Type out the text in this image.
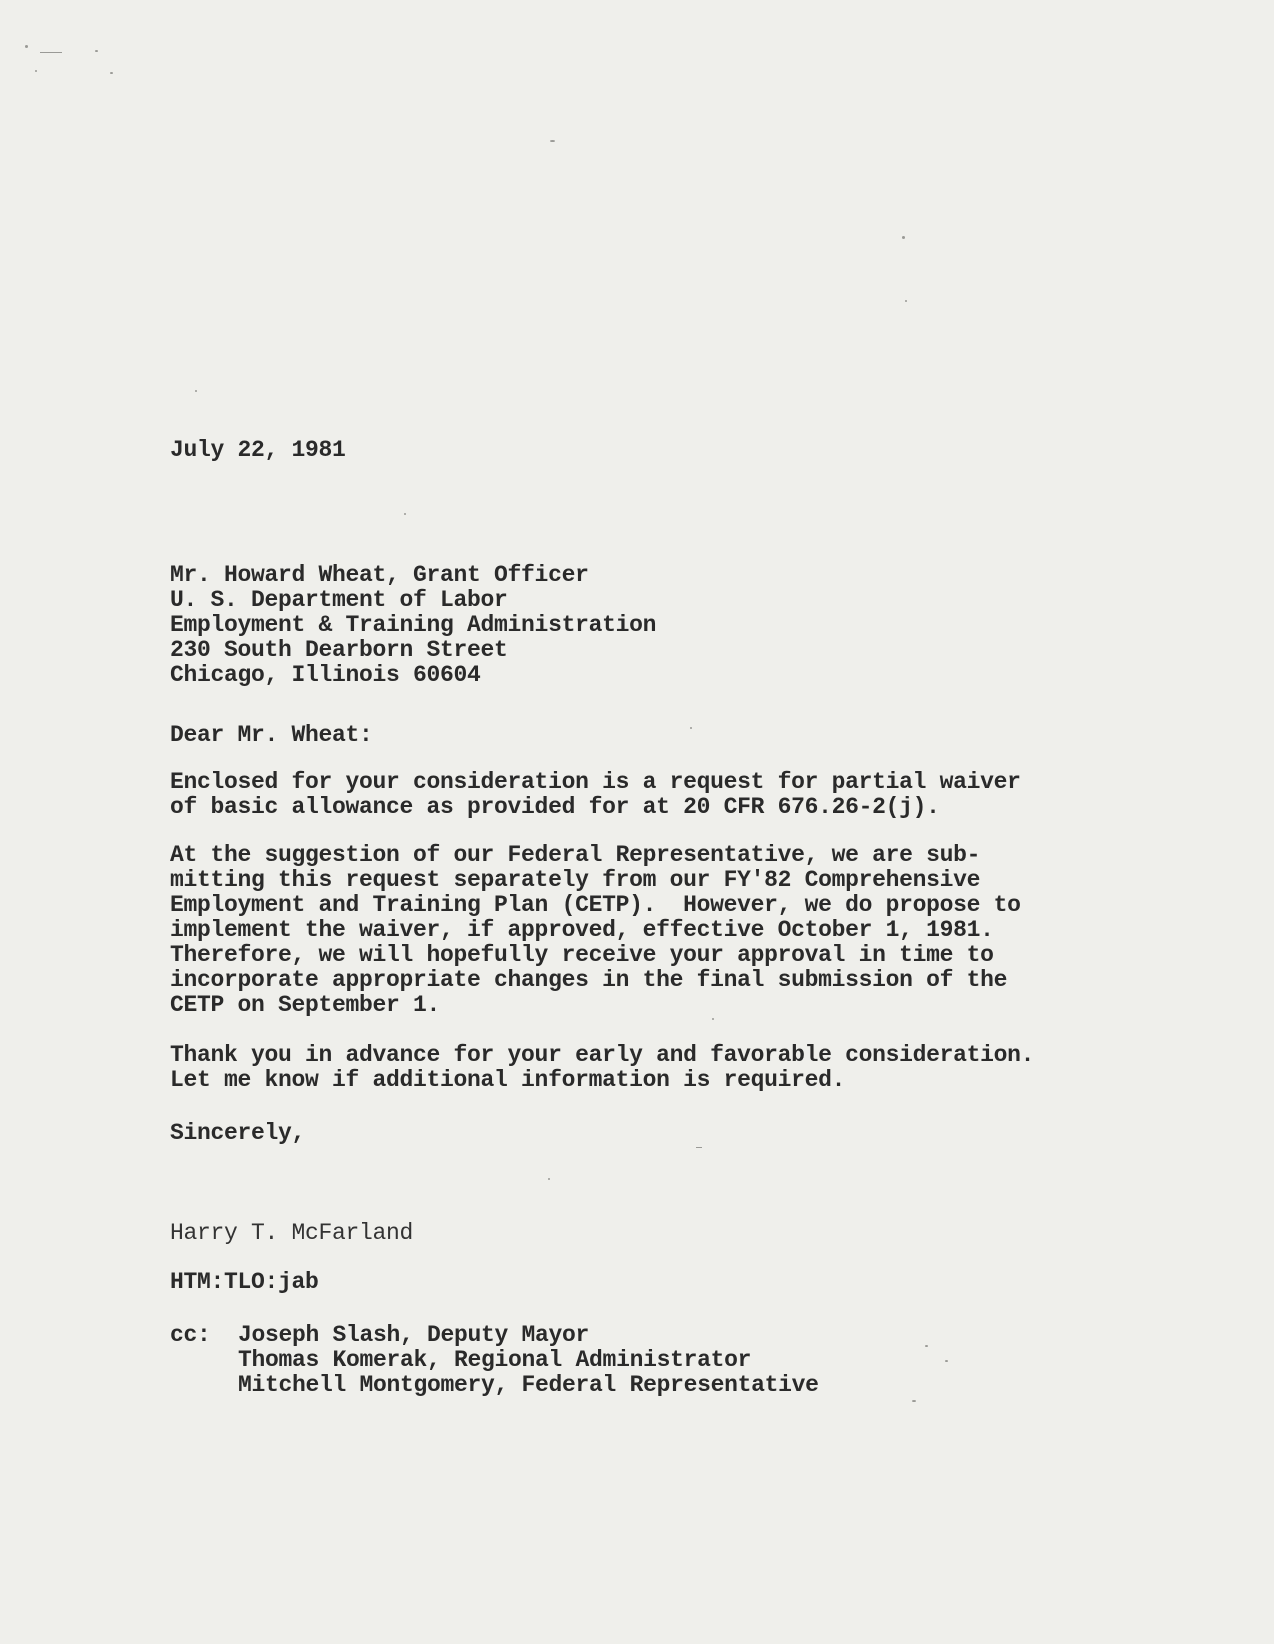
July 22, 1981
Mr. Howard Wheat, Grant Officer
U. S. Department of Labor
Employment & Training Administration
230 South Dearborn Street
Chicago, Illinois 60604
Dear Mr. Wheat:
Enclosed for your consideration is a request for partial waiver
of basic allowance as provided for at 20 CFR 676.26-2(j).
At the suggestion of our Federal Representative, we are sub-
mitting this request separately from our FY'82 Comprehensive
Employment and Training Plan (CETP).  However, we do propose to
implement the waiver, if approved, effective October 1, 1981.
Therefore, we will hopefully receive your approval in time to
incorporate appropriate changes in the final submission of the
CETP on September 1.
Thank you in advance for your early and favorable consideration.
Let me know if additional information is required.
Sincerely,
Harry T. McFarland
HTM:TLO:jab
cc: Joseph Slash, Deputy Mayor
Thomas Komerak, Regional Administrator
Mitchell Montgomery, Federal Representative
